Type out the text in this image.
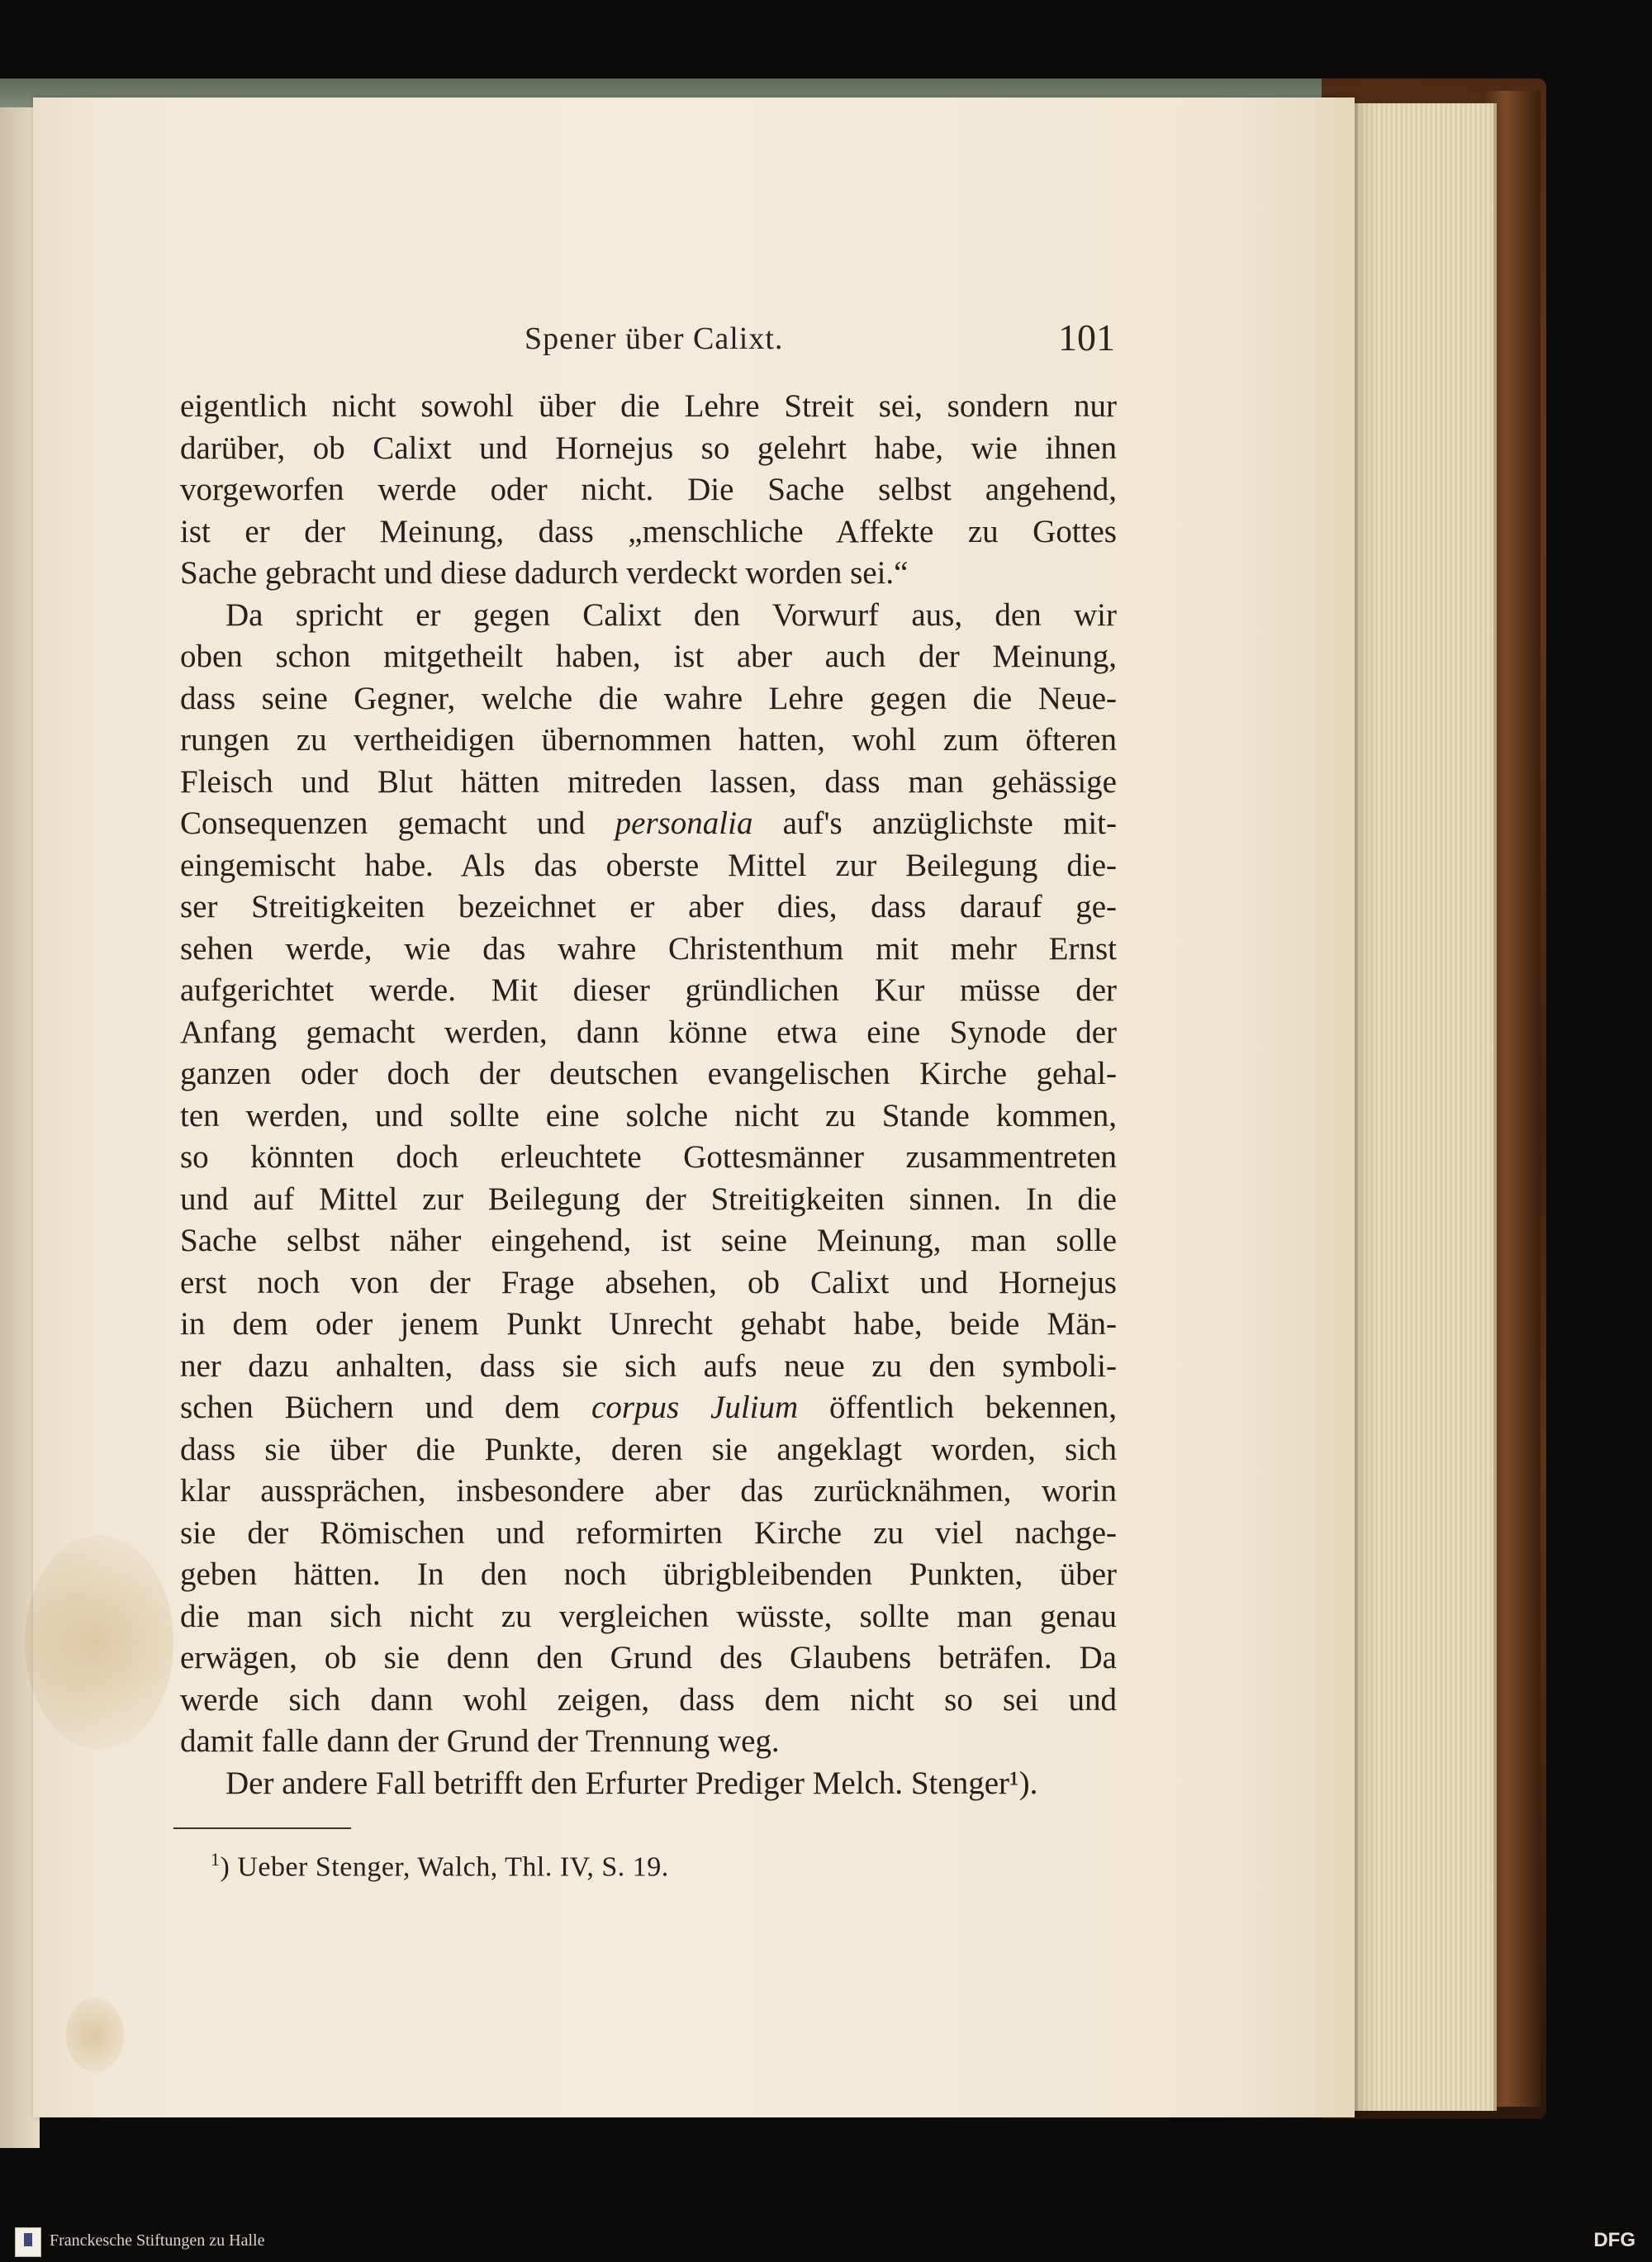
Spener über Calixt.	101
eigentlich nicht sowohl über die Lehre Streit sei, sondern nur
darüber, ob Calixt und Hornejus so gelehrt habe, wie ihnen
vorgeworfen werde oder nicht. Die Sache selbst angehend,
ist er der Meinung, dass „menschliche Affekte zu Gottes
Sache gebracht und diese dadurch verdeckt worden sei.“
Da spricht er gegen Calixt den Vorwurf aus, den wir
oben schon mitgetheilt haben, ist aber auch der Meinung,
dass seine Gegner, welche die wahre Lehre gegen die Neue-
rungen zu vertheidigen übernommen hatten, wohl zum öfteren
Fleisch und Blut hätten mitreden lassen, dass man gehässige
Consequenzen gemacht und personalia auf's anzüglichste mit-
eingemischt habe. Als das oberste Mittel zur Beilegung die-
ser Streitigkeiten bezeichnet er aber dies, dass darauf ge-
sehen werde, wie das wahre Christenthum mit mehr Ernst
aufgerichtet werde. Mit dieser gründlichen Kur müsse der
Anfang gemacht werden, dann könne etwa eine Synode der
ganzen oder doch der deutschen evangelischen Kirche gehal-
ten werden, und sollte eine solche nicht zu Stande kommen,
so könnten doch erleuchtete Gottesmänner zusammentreten
und auf Mittel zur Beilegung der Streitigkeiten sinnen. In die
Sache selbst näher eingehend, ist seine Meinung, man solle
erst noch von der Frage absehen, ob Calixt und Hornejus
in dem oder jenem Punkt Unrecht gehabt habe, beide Män-
ner dazu anhalten, dass sie sich aufs neue zu den symboli-
schen Büchern und dem corpus Julium öffentlich bekennen,
dass sie über die Punkte, deren sie angeklagt worden, sich
klar aussprächen, insbesondere aber das zurücknähmen, worin
sie der Römischen und reformirten Kirche zu viel nachge-
geben hätten. In den noch übrigbleibenden Punkten, über
die man sich nicht zu vergleichen wüsste, sollte man genau
erwägen, ob sie denn den Grund des Glaubens beträfen. Da
werde sich dann wohl zeigen, dass dem nicht so sei und
damit falle dann der Grund der Trennung weg.
Der andere Fall betrifft den Erfurter Prediger Melch. Stenger¹).
$^1$) Ueber Stenger, Walch, Thl. IV, S. 19.
Franckesche Stiftungen zu Halle	DFG
